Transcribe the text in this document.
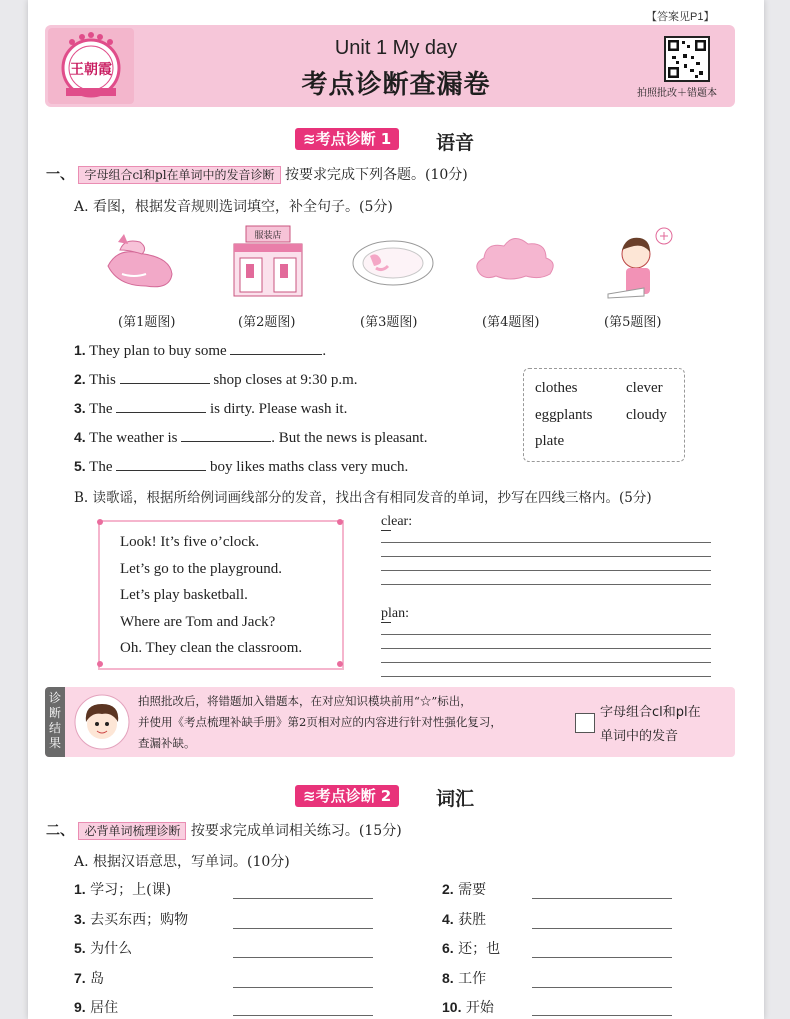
【答案见P1】
王朝霞
Unit 1 My day
考点诊断查漏卷	拍照批改＋错题本
≋考点诊断 1	语音
一、 字母组合cl和pl在单词中的发音诊断 按要求完成下列各题。(10分)
A. 看图，根据发音规则选词填空，补全句子。(5分)
服装店
(第1题图)	(第2题图)	(第3题图)	(第4题图)	(第5题图)
1. They plan to buy some	.
2. This	shop closes at 9:30 p.m.
3. The	is dirty. Please wash it.
4. The weather is	. But the news is pleasant.
5. The	boy likes maths class very much.
clothes	clever
eggplants cloudy
plate
B. 读歌谣，根据所给例词画线部分的发音，找出含有相同发音的单词，抄写在四线三格内。(5分)
Look! It’s five o’clock.
Let’s go to the playground.
Let’s play basketball.
Where are Tom and Jack?
Oh. They clean the classroom.
clear:
plan:
诊
断
结
果
拍照批改后，将错题加入错题本，在对应知识模块前用“☆”标出，
并使用《考点梳理补缺手册》第2页相对应的内容进行针对性强化复习，
查漏补缺。
字母组合cl和pl在
单词中的发音
≋考点诊断 2	词汇
二、 必背单词梳理诊断 按要求完成单词相关练习。(15分)
A. 根据汉语意思，写单词。(10分)
1. 学习；上(课)	2. 需要
3. 去买东西；购物	4. 获胜
5. 为什么	6. 还；也
7. 岛	8. 工作
9. 居住	10. 开始
